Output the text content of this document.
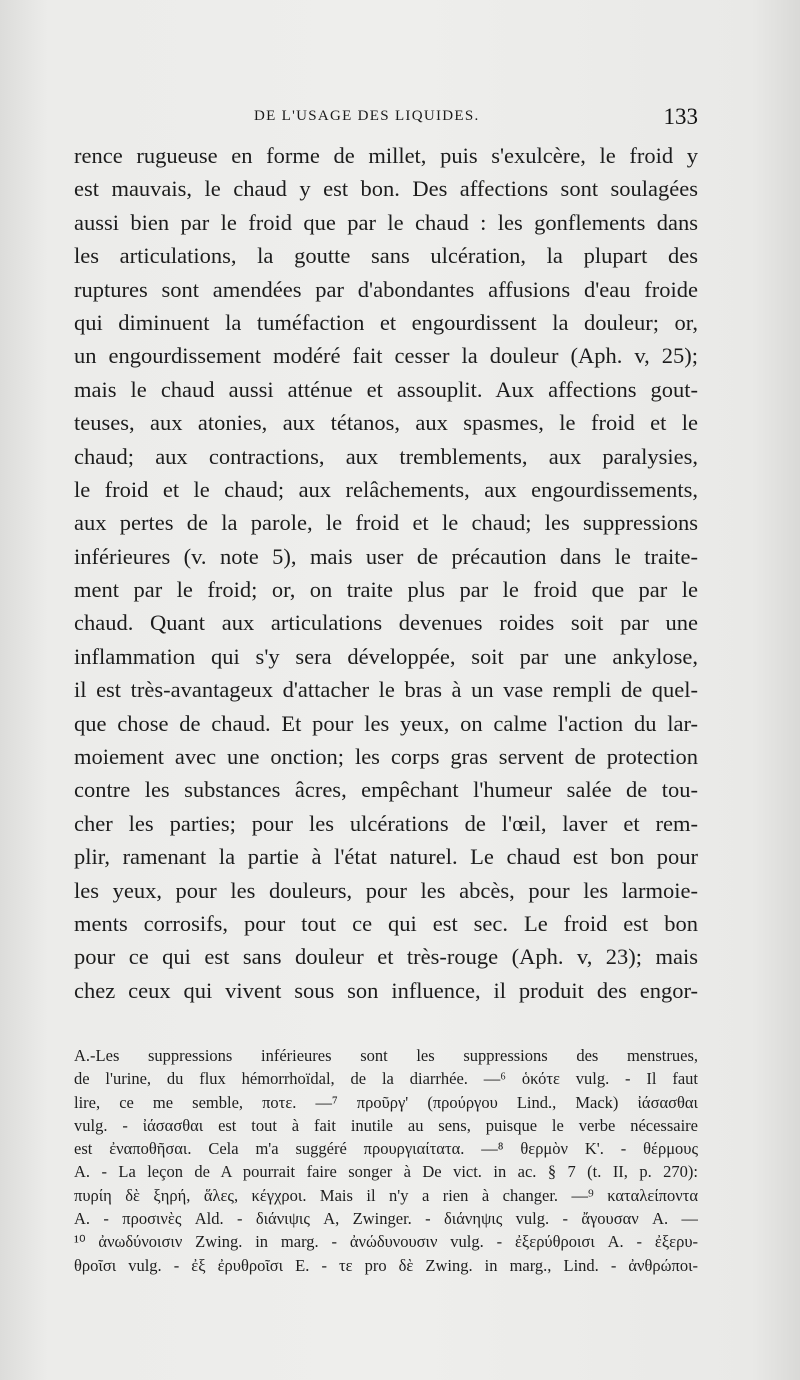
DE L'USAGE DES LIQUIDES.	133
rence rugueuse en forme de millet, puis s'exulcère, le froid y
est mauvais, le chaud y est bon. Des affections sont soulagées
aussi bien par le froid que par le chaud : les gonflements dans
les articulations, la goutte sans ulcération, la plupart des
ruptures sont amendées par d'abondantes affusions d'eau froide
qui diminuent la tuméfaction et engourdissent la douleur; or,
un engourdissement modéré fait cesser la douleur (Aph. v, 25);
mais le chaud aussi atténue et assouplit. Aux affections gout-
teuses, aux atonies, aux tétanos, aux spasmes, le froid et le
chaud; aux contractions, aux tremblements, aux paralysies,
le froid et le chaud; aux relâchements, aux engourdissements,
aux pertes de la parole, le froid et le chaud; les suppressions
inférieures (v. note 5), mais user de précaution dans le traite-
ment par le froid; or, on traite plus par le froid que par le
chaud. Quant aux articulations devenues roides soit par une
inflammation qui s'y sera développée, soit par une ankylose,
il est très-avantageux d'attacher le bras à un vase rempli de quel-
que chose de chaud. Et pour les yeux, on calme l'action du lar-
moiement avec une onction; les corps gras servent de protection
contre les substances âcres, empêchant l'humeur salée de tou-
cher les parties; pour les ulcérations de l'œil, laver et rem-
plir, ramenant la partie à l'état naturel. Le chaud est bon pour
les yeux, pour les douleurs, pour les abcès, pour les larmoie-
ments corrosifs, pour tout ce qui est sec. Le froid est bon
pour ce qui est sans douleur et très-rouge (Aph. v, 23); mais
chez ceux qui vivent sous son influence, il produit des engor-
A.-Les suppressions inférieures sont les suppressions des menstrues,
de l'urine, du flux hémorrhoïdal, de la diarrhée. —⁶ ὁκότε vulg. - Il faut
lire, ce me semble, ποτε. —⁷ προῦργ' (προύργου Lind., Mack) ἰάσασθαι
vulg. - ἰάσασθαι est tout à fait inutile au sens, puisque le verbe nécessaire
est ἐναποθῆσαι. Cela m'a suggéré προυργιαίτατα. —⁸ θερμὸν K'. - θέρμους
A. - La leçon de A pourrait faire songer à De vict. in ac. § 7 (t. II, p. 270):
πυρίη δὲ ξηρή, ἅλες, κέγχροι. Mais il n'y a rien à changer. —⁹ καταλείποντα
A. - προσινὲς Ald. - διάνιψις A, Zwinger. - διάνηψις vulg. - ἄγουσαν A. —
¹⁰ ἀνωδύνοισιν Zwing. in marg. - ἀνώδυνουσιν vulg. - ἐξερύθροισι A. - ἐξερυ-
θροῖσι vulg. - ἐξ ἐρυθροῖσι E. - τε pro δὲ Zwing. in marg., Lind. - ἀνθρώποι-
